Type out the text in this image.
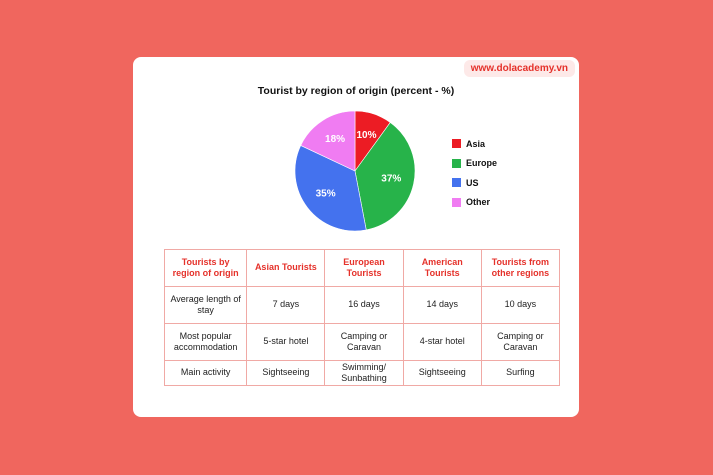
www.dolacademy.vn
Tourist by region of origin (percent - %)
10%
37%
35%
18%	Asia
Europe
US
Other
Tourists by region of origin	Asian Tourists	European Tourists	American Tourists	Tourists from other regions
Average length of stay	7 days	16 days	14 days	10 days
Most popular accommodation	5-star hotel	Camping or Caravan	4-star hotel	Camping or Caravan
Main activity	Sightseeing	Swimming/ Sunbathing	Sightseeing	Surfing
